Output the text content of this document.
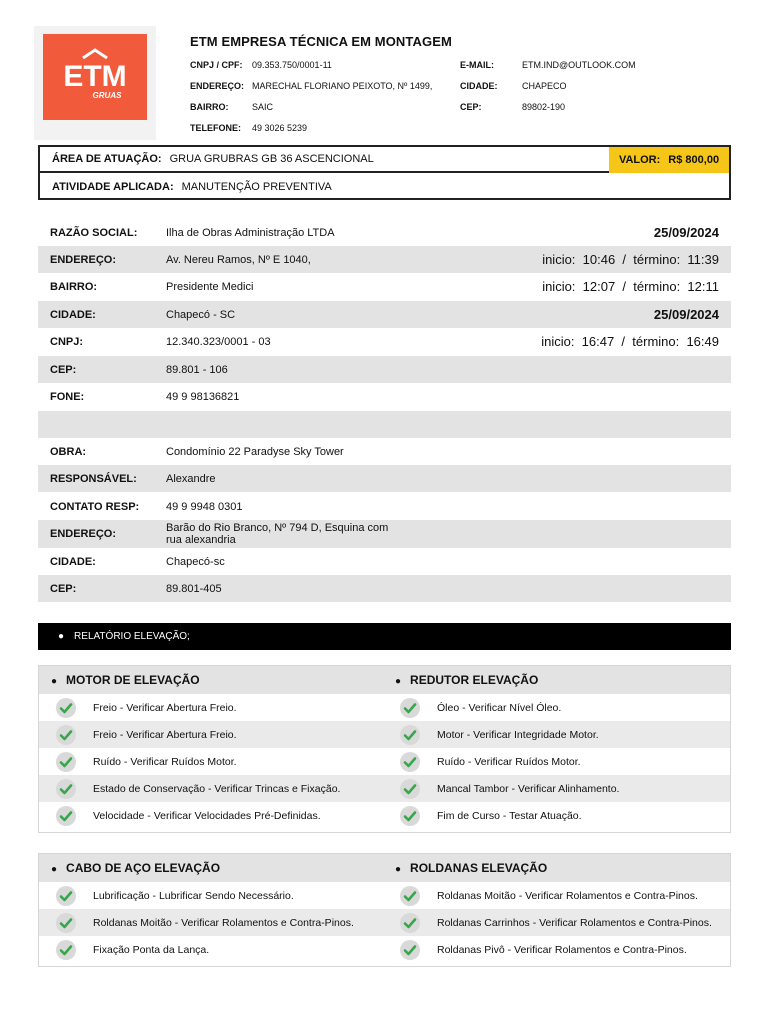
ETM
GRUAS
ETM EMPRESA TÉCNICA EM MONTAGEM
CNPJ / CPF: 09.353.750/0001-11
ENDEREÇO: MARECHAL FLORIANO PEIXOTO, Nº 1499,
BAIRRO:	SAIC
TELEFONE: 49 3026 5239
E-MAIL:	ETM.IND@OUTLOOK.COM
CIDADE:	CHAPECO
CEP:	89802-190
ÁREA DE ATUAÇÃO: GRUA GRUBRAS GB 36 ASCENCIONAL	VALOR: R$ 800,00
ATIVIDADE APLICADA: MANUTENÇÃO PREVENTIVA
RAZÃO SOCIAL:	Ilha de Obras Administração LTDA	25/09/2024
ENDEREÇO:	Av. Nereu Ramos, Nº E 1040,	inicio:  10:46  /  término:  11:39
BAIRRO:	Presidente Medici	inicio:  12:07  /  término:  12:11
CIDADE:	Chapecó - SC	25/09/2024
CNPJ:	12.340.323/0001 - 03	inicio:  16:47  /  término:  16:49
CEP:	89.801 - 106
FONE:	49 9 98136821
OBRA:	Condomínio 22 Paradyse Sky Tower
RESPONSÁVEL:	Alexandre
CONTATO RESP: 49 9 9948 0301
ENDEREÇO:	Barão do Rio Branco, Nº 794 D, Esquina com rua alexandria
CIDADE:	Chapecó-sc
CEP:	89.801-405
● RELATÓRIO ELEVAÇÃO;
● MOTOR DE ELEVAÇÃO	● REDUTOR ELEVAÇÃO
Freio - Verificar Abertura Freio.	Óleo - Verificar Nível Óleo.
Freio - Verificar Abertura Freio.	Motor - Verificar Integridade Motor.
Ruído - Verificar Ruídos Motor.	Ruído - Verificar Ruídos Motor.
Estado de Conservação - Verificar Trincas e Fixação.	Mancal Tambor - Verificar Alinhamento.
Velocidade - Verificar Velocidades Pré-Definidas.	Fim de Curso - Testar Atuação.
● CABO DE AÇO ELEVAÇÃO	● ROLDANAS ELEVAÇÃO
Lubrificação - Lubrificar Sendo Necessário.	Roldanas Moitão - Verificar Rolamentos e Contra-Pinos.
Roldanas Moitão - Verificar Rolamentos e Contra-Pinos.	Roldanas Carrinhos - Verificar Rolamentos e Contra-Pinos.
Fixação Ponta da Lança.	Roldanas Pivô - Verificar Rolamentos e Contra-Pinos.
